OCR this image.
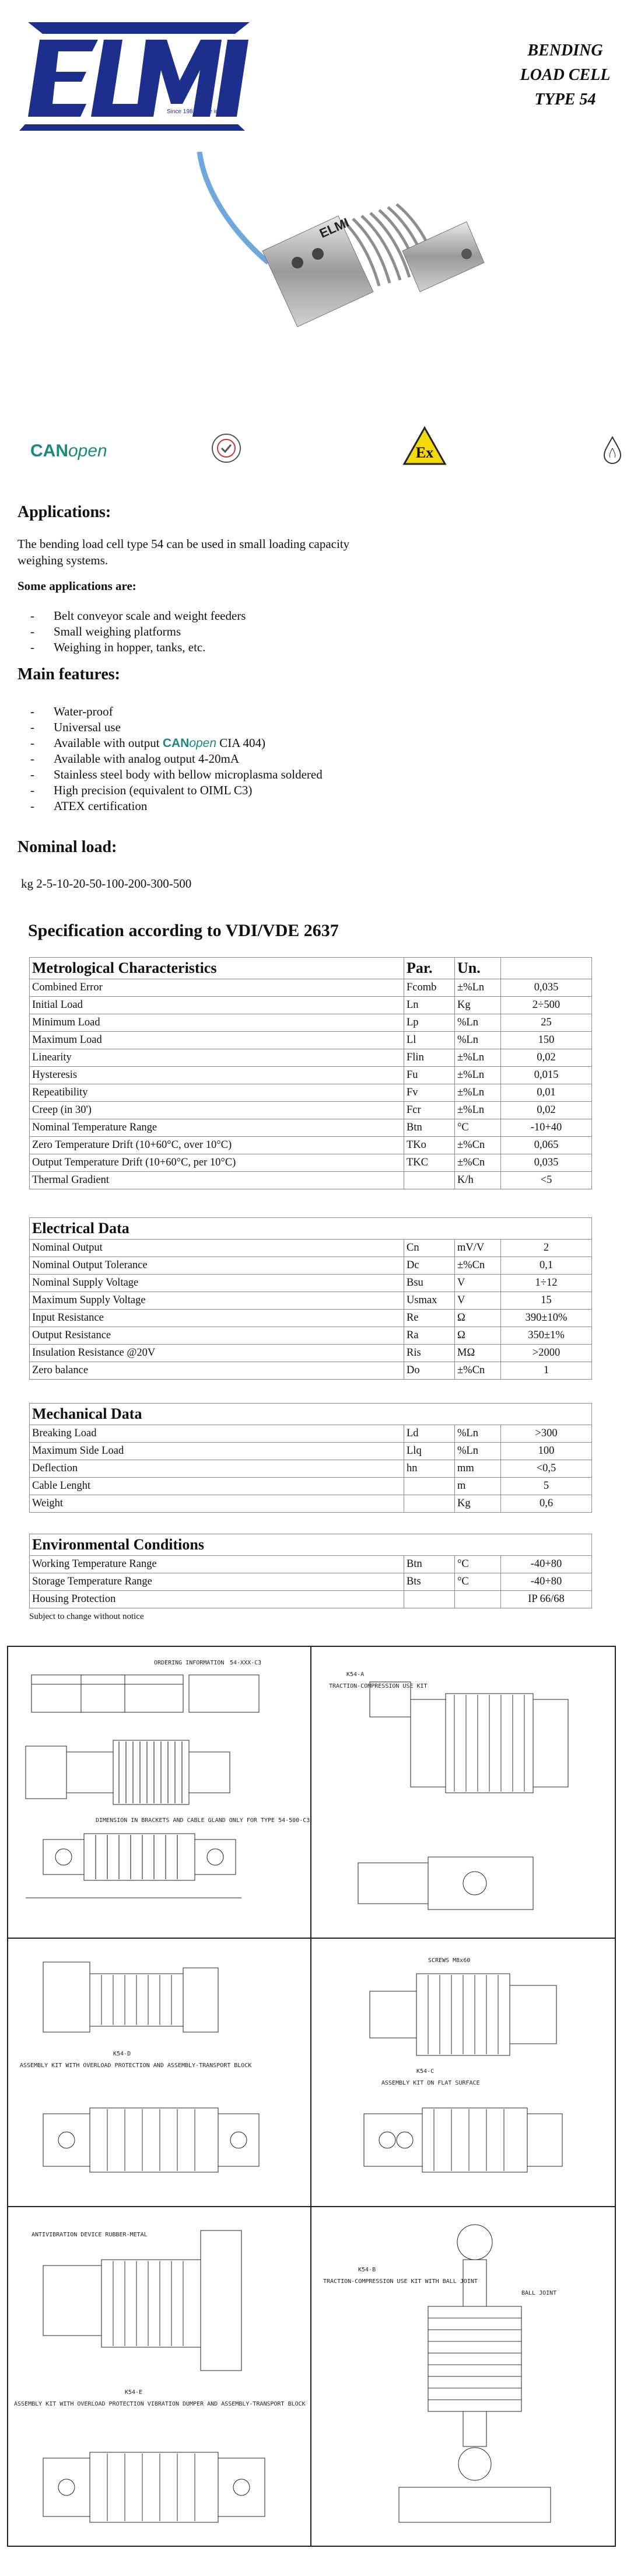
Since 1981 Made in Italy
BENDING
LOAD CELL
TYPE 54
ELMI
CANopen	Ex
Applications:
The bending load cell type 54 can be used in small loading capacity weighing systems.
Some applications are:
- Belt conveyor scale and weight feeders
- Small weighing platforms
- Weighing in hopper, tanks, etc.
Main features:
- Water-proof
- Universal use
- Available with output CANopen CIA 404)
- Available with analog output 4-20mA
- Stainless steel body with bellow microplasma soldered
- High precision (equivalent to OIML C3)
- ATEX certification
Nominal load:
kg 2-5-10-20-50-100-200-300-500
Specification according to VDI/VDE 2637
Metrological Characteristics	Par.	Un.	
Combined Error	Fcomb	±%Ln	0,035
Initial Load	Ln	Kg	2÷500
Minimum Load	Lp	%Ln	25
Maximum Load	Ll	%Ln	150
Linearity	Flin	±%Ln	0,02
Hysteresis	Fu	±%Ln	0,015
Repeatibility	Fv	±%Ln	0,01
Creep (in 30')	Fcr	±%Ln	0,02
Nominal Temperature Range	Btn	°C	-10+40
Zero Temperature Drift (10+60°C, over 10°C)	TKo	±%Cn	0,065
Output Temperature Drift (10+60°C, per 10°C)	TKC	±%Cn	0,035
Thermal Gradient		K/h	<5
Electrical Data			
Nominal Output	Cn	mV/V	2
Nominal Output Tolerance	Dc	±%Cn	0,1
Nominal Supply Voltage	Bsu	V	1÷12
Maximum Supply Voltage	Usmax	V	15
Input Resistance	Re	Ω	390±10%
Output Resistance	Ra	Ω	350±1%
Insulation Resistance @20V	Ris	MΩ	>2000
Zero balance	Do	±%Cn	1
Mechanical Data			
Breaking Load	Ld	%Ln	>300
Maximum Side Load	Llq	%Ln	100
Deflection	hn	mm	<0,5
Cable Lenght		m	5
Weight		Kg	0,6
Environmental Conditions			
Working Temperature Range	Btn	°C	-40+80
Storage Temperature Range	Bts	°C	-40+80
Housing Protection			IP 66/68
Subject to change without notice
ORDERING INFORMATION 54-XXX-C3
DIMENSION IN BRACKETS AND CABLE GLAND ONLY FOR TYPE 54-500-C3
K54-A
TRACTION-COMPRESSION USE KIT
K54-D
ASSEMBLY KIT WITH OVERLOAD PROTECTION AND ASSEMBLY-TRANSPORT BLOCK
SCREWS M8x60
K54-C
ASSEMBLY KIT ON FLAT SURFACE
ANTIVIBRATION DEVICE RUBBER-METAL
K54-E
ASSEMBLY KIT WITH OVERLOAD PROTECTION VIBRATION DUMPER AND ASSEMBLY-TRANSPORT BLOCK
K54-B
TRACTION-COMPRESSION USE KIT WITH BALL JOINT
BALL JOINT
